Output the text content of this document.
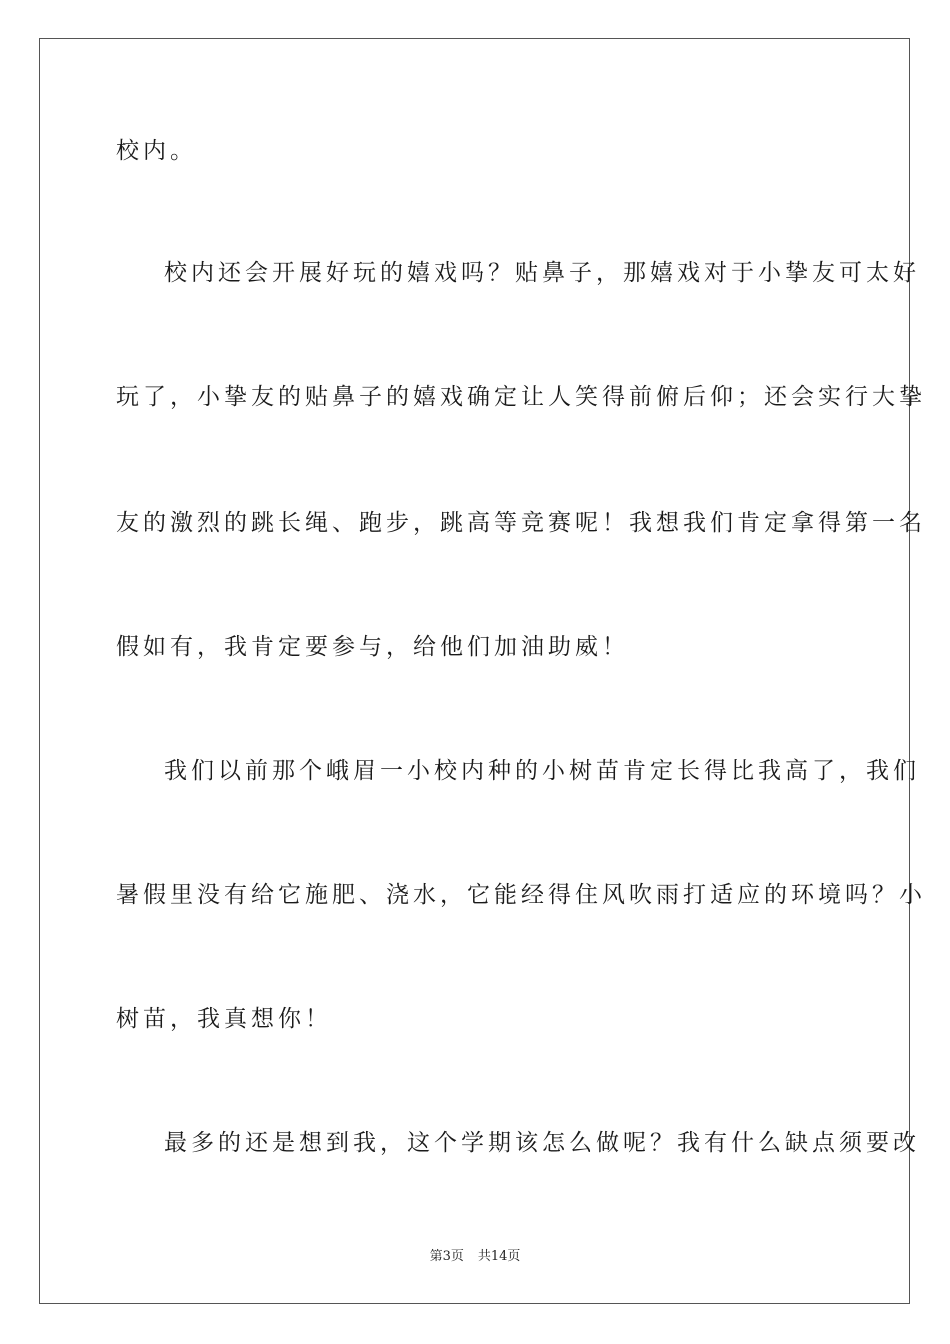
校内。
校内还会开展好玩的嬉戏吗？贴鼻子，那嬉戏对于小挚友可太好
玩了，小挚友的贴鼻子的嬉戏确定让人笑得前俯后仰；还会实行大挚
友的激烈的跳长绳、跑步，跳高等竞赛呢！我想我们肯定拿得第一名
假如有，我肯定要参与，给他们加油助威！
我们以前那个峨眉一小校内种的小树苗肯定长得比我高了，我们
暑假里没有给它施肥、浇水，它能经得住风吹雨打适应的环境吗？小
树苗，我真想你！
最多的还是想到我，这个学期该怎么做呢？我有什么缺点须要改
第3页 共14页
